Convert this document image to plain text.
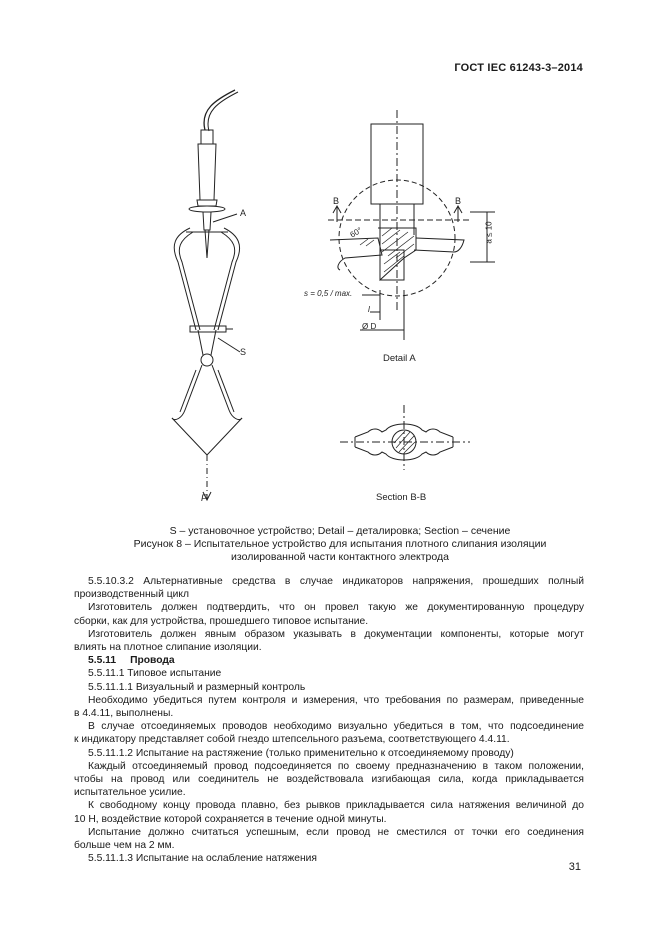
ГОСТ IEC 61243-3–2014
A
S
F
B	B
a ≤ 10
60°
s = 0,5 / max.
l
Ø D
Detail A
Section B-B
S – установочное устройство; Detail – деталировка; Section – сечение
Рисунок 8 – Испытательное устройство для испытания плотного слипания изоляции
изолированной части контактного электрода

5.5.10.3.2 Альтернативные средства в случае индикаторов напряжения, прошедших полный

производственный цикл

Изготовитель должен подтвердить, что он провел такую же документированную процедуру

сборки, как для устройства, прошедшего типовое испытание.

Изготовитель должен явным образом указывать в документации компоненты, которые могут

влиять на плотное слипание изоляции.

5.5.11 Провода

5.5.11.1 Типовое испытание

5.5.11.1.1 Визуальный и размерный контроль

Необходимо убедиться путем контроля и измерения, что требования по размерам, приведенные

в 4.4.11, выполнены.

В случае отсоединяемых проводов необходимо визуально убедиться в том, что подсоединение

к индикатору представляет собой гнездо штепсельного разъема, соответствующего 4.4.11.

5.5.11.1.2 Испытание на растяжение (только применительно к отсоединяемому проводу)

Каждый отсоединяемый провод подсоединяется по своему предназначению в таком положении,

чтобы на провод или соединитель не воздействовала изгибающая сила, когда прикладывается

испытательное усилие.

К свободному концу провода плавно, без рывков прикладывается сила натяжения величиной до

10 Н, воздействие которой сохраняется в течение одной минуты.

Испытание должно считаться успешным, если провод не сместился от точки его соединения

больше чем на 2 мм.

5.5.11.1.3 Испытание на ослабление натяжения

31
